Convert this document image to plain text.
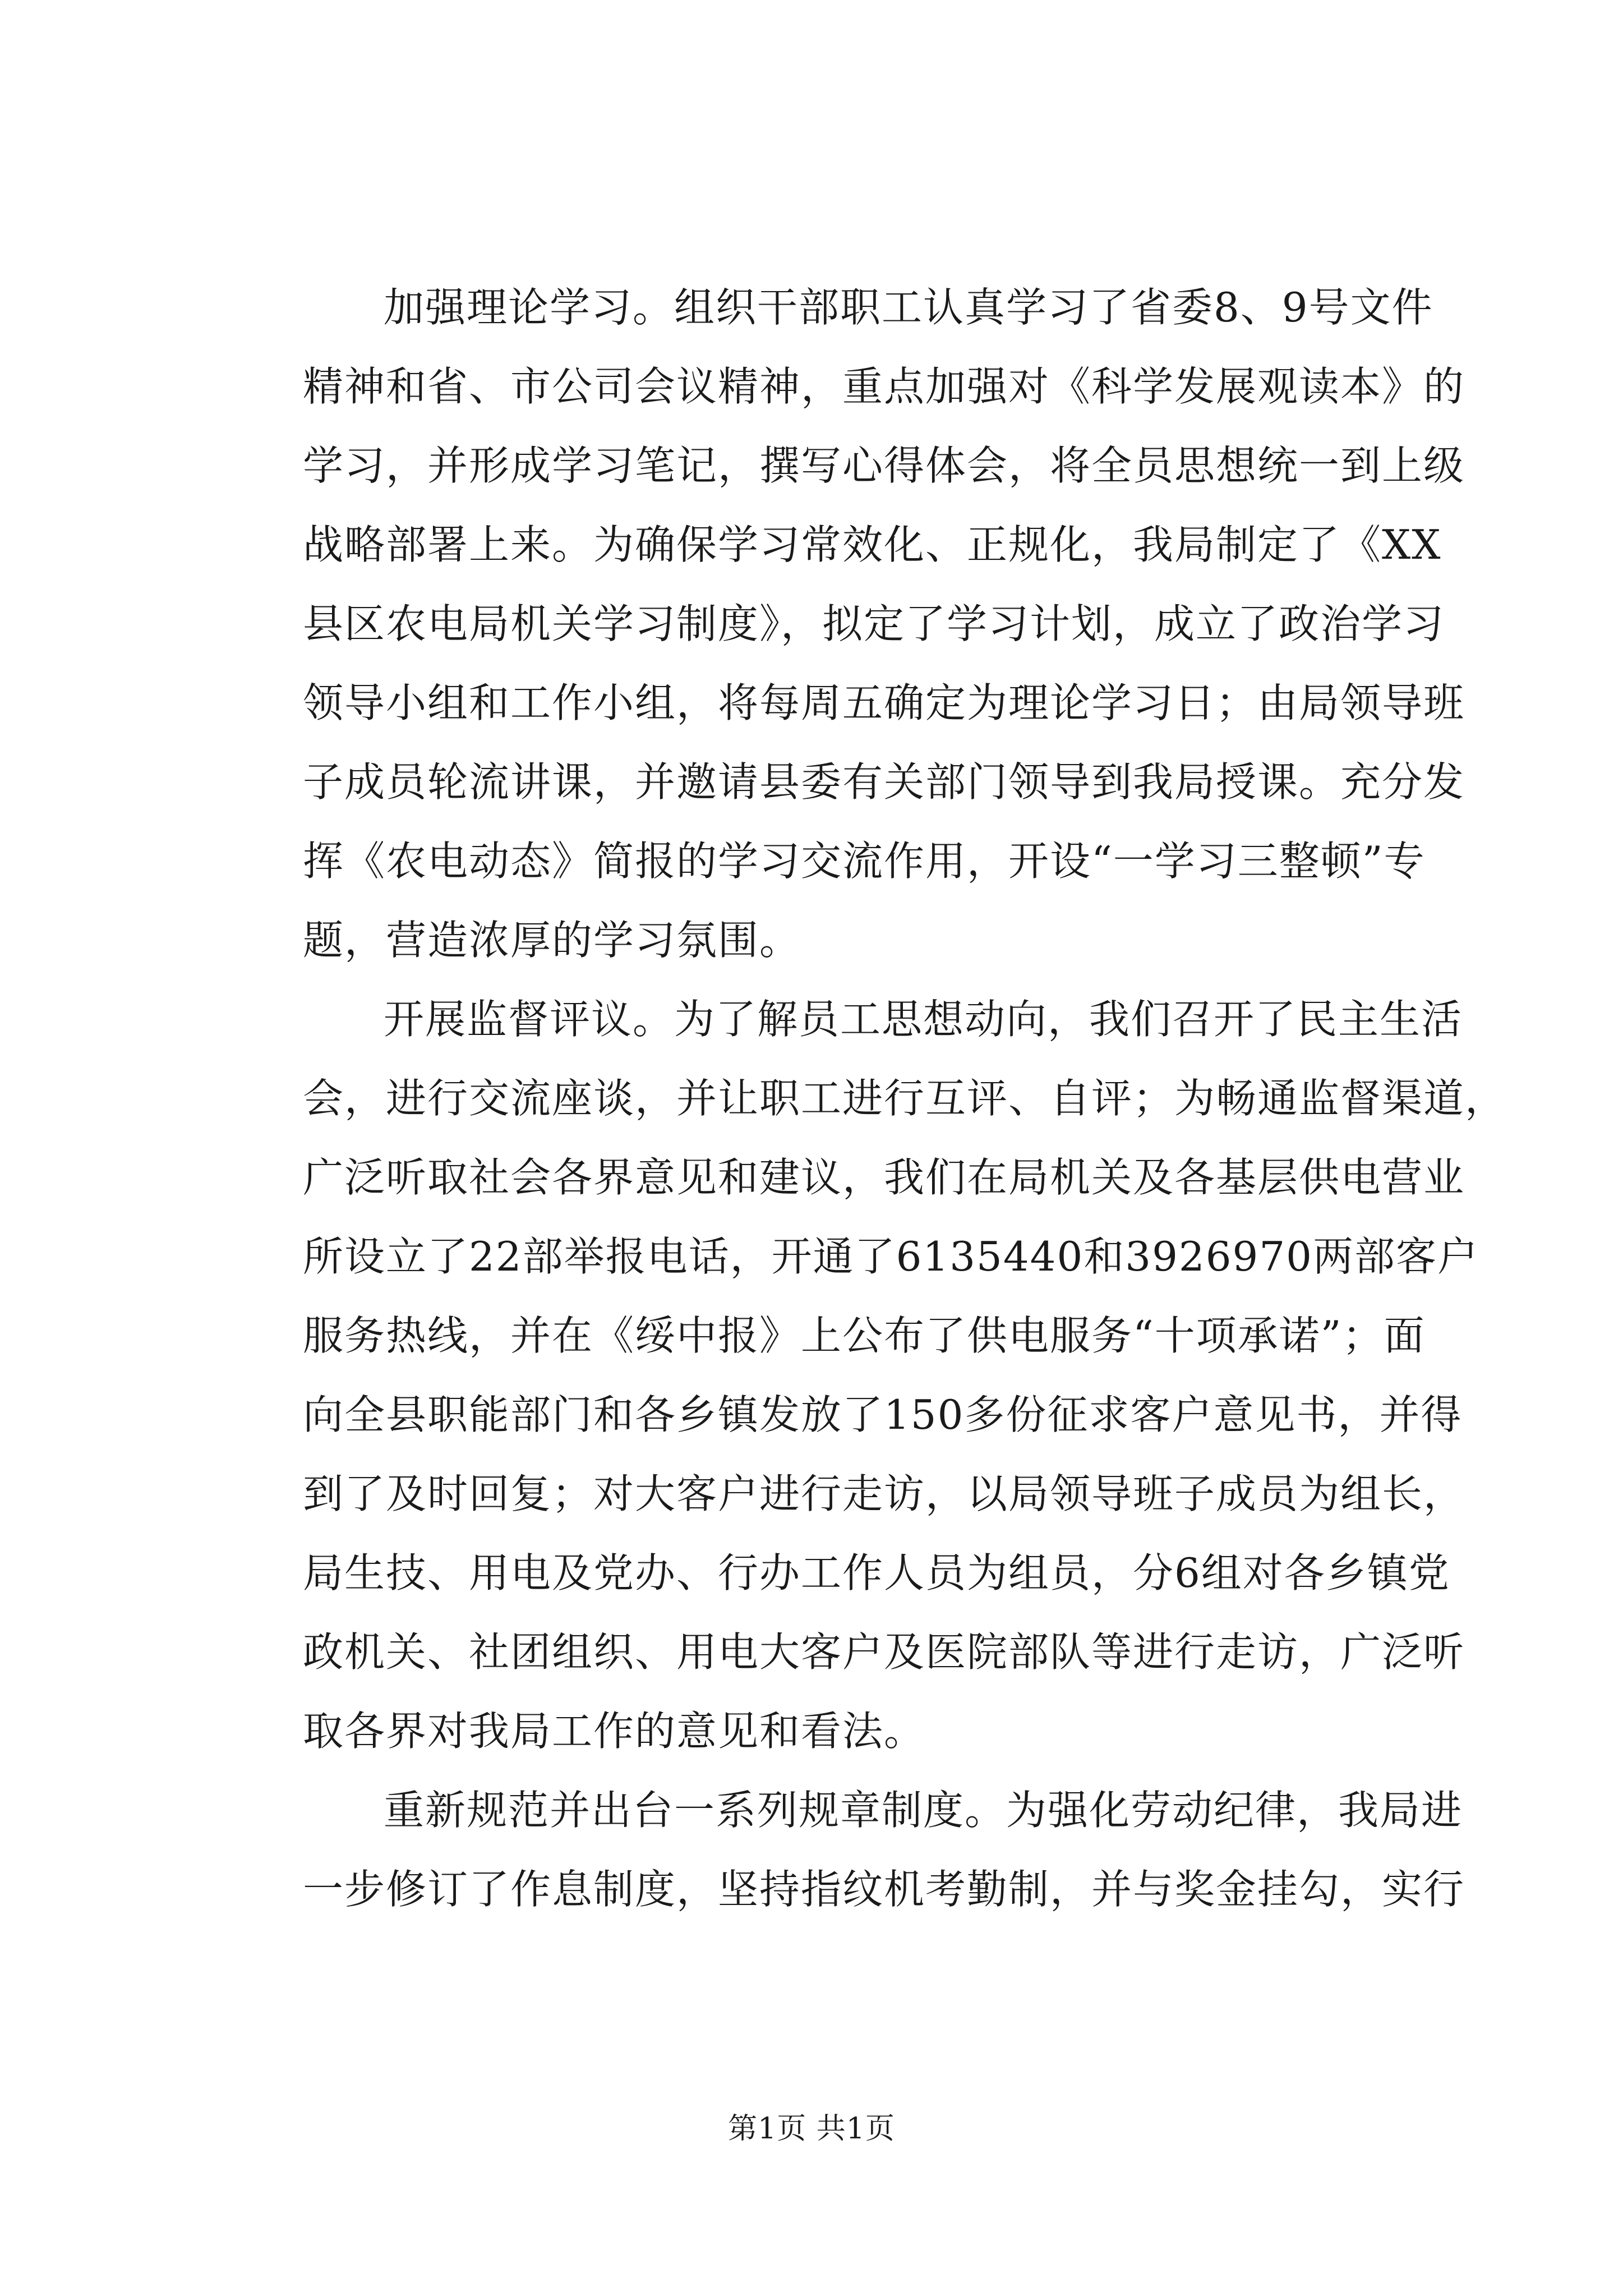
加强理论学习。组织干部职工认真学习了省委8、9号文件
精神和省、市公司会议精神，重点加强对《科学发展观读本》的
学习，并形成学习笔记，撰写心得体会，将全员思想统一到上级
战略部署上来。为确保学习常效化、正规化，我局制定了《XX
县区农电局机关学习制度》，拟定了学习计划，成立了政治学习
领导小组和工作小组，将每周五确定为理论学习日；由局领导班
子成员轮流讲课，并邀请县委有关部门领导到我局授课。充分发
挥《农电动态》简报的学习交流作用，开设“一学习三整顿”专
题，营造浓厚的学习氛围。

开展监督评议。为了解员工思想动向，我们召开了民主生活
会，进行交流座谈，并让职工进行互评、自评；为畅通监督渠道，
广泛听取社会各界意见和建议，我们在局机关及各基层供电营业
所设立了22部举报电话，开通了6135440和3926970两部客户
服务热线，并在《绥中报》上公布了供电服务“十项承诺”；面
向全县职能部门和各乡镇发放了150多份征求客户意见书，并得
到了及时回复；对大客户进行走访，以局领导班子成员为组长，
局生技、用电及党办、行办工作人员为组员，分6组对各乡镇党
政机关、社团组织、用电大客户及医院部队等进行走访，广泛听
取各界对我局工作的意见和看法。

重新规范并出台一系列规章制度。为强化劳动纪律，我局进
一步修订了作息制度，坚持指纹机考勤制，并与奖金挂勾，实行

第1页 共1页
